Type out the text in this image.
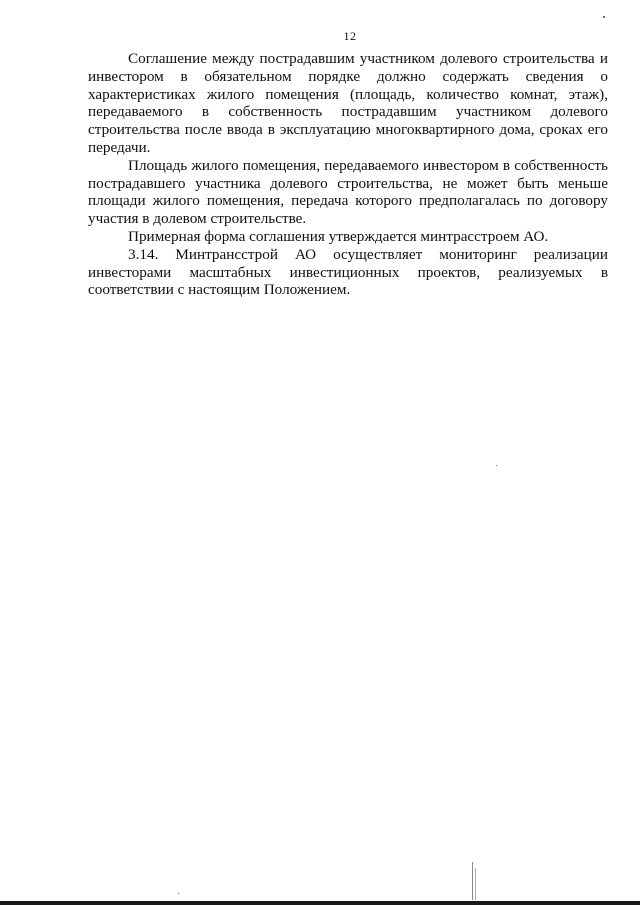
12

Соглашение между пострадавшим участником долевого строительства и инвестором в обязательном порядке должно содержать сведения о характеристиках жилого помещения (площадь, количество комнат, этаж), передаваемого в собственность пострадавшим участником долевого строительства после ввода в эксплуатацию многоквартирного дома, сроках его передачи.

Площадь жилого помещения, передаваемого инвестором в собственность пострадавшего участника долевого строительства, не может быть меньше площади жилого помещения, передача которого предполагалась по договору участия в долевом строительстве.

Примерная форма соглашения утверждается минтрасстроем АО.

3.14. Минтрансстрой АО осуществляет мониторинг реализации инвесторами масштабных инвестиционных проектов, реализуемых в соответствии с настоящим Положением.
